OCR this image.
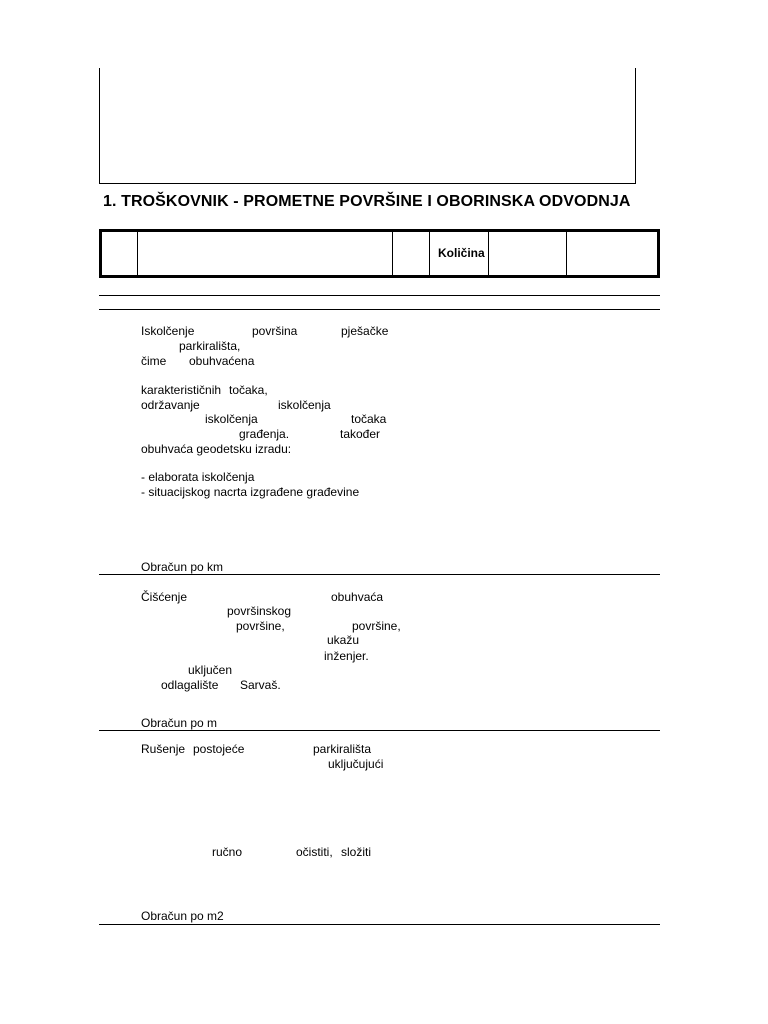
1. TROŠKOVNIK - PROMETNE POVRŠINE I OBORINSKA ODVODNJA
Količina
Iskolčenje	površina	pješačke
parkirališta,
čime obuhvaćena
karakterističnih točaka,
održavanje	iskolčenja
iskolčenja	točaka
građenja.	također
obuhvaća geodetsku izradu:
- elaborata iskolčenja
- situacijskog nacrta izgrađene građevine
Obračun po km
Čišćenje	obuhvaća
površinskog
površine,	površine,
ukažu
inženjer.
uključen
odlagalište Sarvaš.
Obračun po m
Rušenje postojeće	parkirališta
uključujući
ručno	očistiti, složiti
Obračun po m2
